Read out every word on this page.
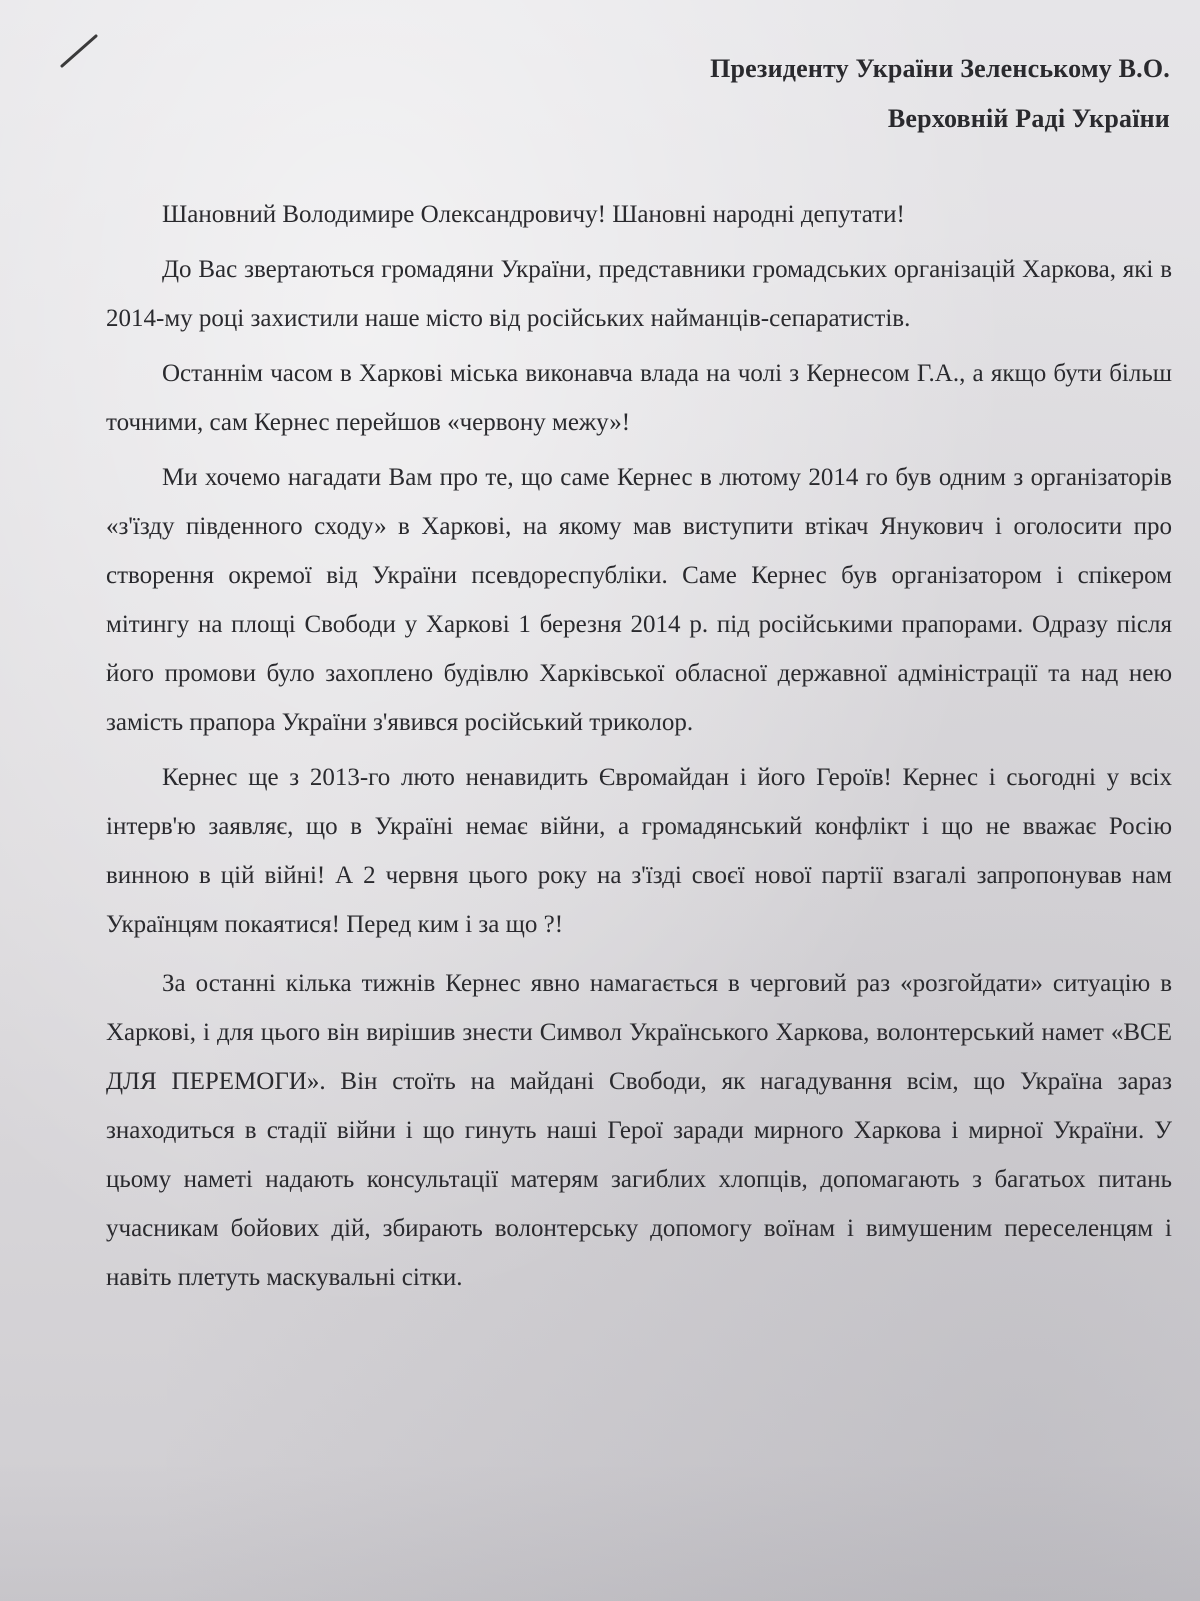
Президенту України Зеленському В.О.
Верховній Раді України

Шановний Володимире Олександровичу! Шановні народні депутати!

До Вас звертаються громадяни України, представники громадських організацій Харкова, які в 2014-му році захистили наше місто від російських найманців-сепаратистів.

Останнім часом в Харкові міська виконавча влада на чолі з Кернесом Г.А., а якщо бути більш точними, сам Кернес перейшов «червону межу»!

Ми хочемо нагадати Вам про те, що саме Кернес в лютому 2014 го був одним з організаторів «з'їзду південного сходу» в Харкові, на якому мав виступити втікач Янукович і оголосити про створення окремої від України псевдореспубліки. Саме Кернес був організатором і спікером мітингу на площі Свободи у Харкові 1 березня 2014 р. під російськими прапорами. Одразу після його промови було захоплено будівлю Харківської обласної державної адміністрації та над нею замість прапора України з'явився російський триколор.

Кернес ще з 2013-го люто ненавидить Євромайдан і його Героїв! Кернес і сьогодні у всіх інтерв'ю заявляє, що в Україні немає війни, а громадянський конфлікт і що не вважає Росію винною в цій війні! А 2 червня цього року на з'їзді своєї нової партії взагалі запропонував нам Українцям покаятися! Перед ким і за що ?!

За останні кілька тижнів Кернес явно намагається в черговий раз «розгойдати» ситуацію в Харкові, і для цього він вирішив знести Символ Українського Харкова, волонтерський намет «ВСЕ ДЛЯ ПЕРЕМОГИ». Він стоїть на майдані Свободи, як нагадування всім, що Україна зараз знаходиться в стадії війни і що гинуть наші Герої заради мирного Харкова і мирної України. У цьому наметі надають консультації матерям загиблих хлопців, допомагають з багатьох питань учасникам бойових дій, збирають волонтерську допомогу воїнам і вимушеним переселенцям і навіть плетуть маскувальні сітки.
